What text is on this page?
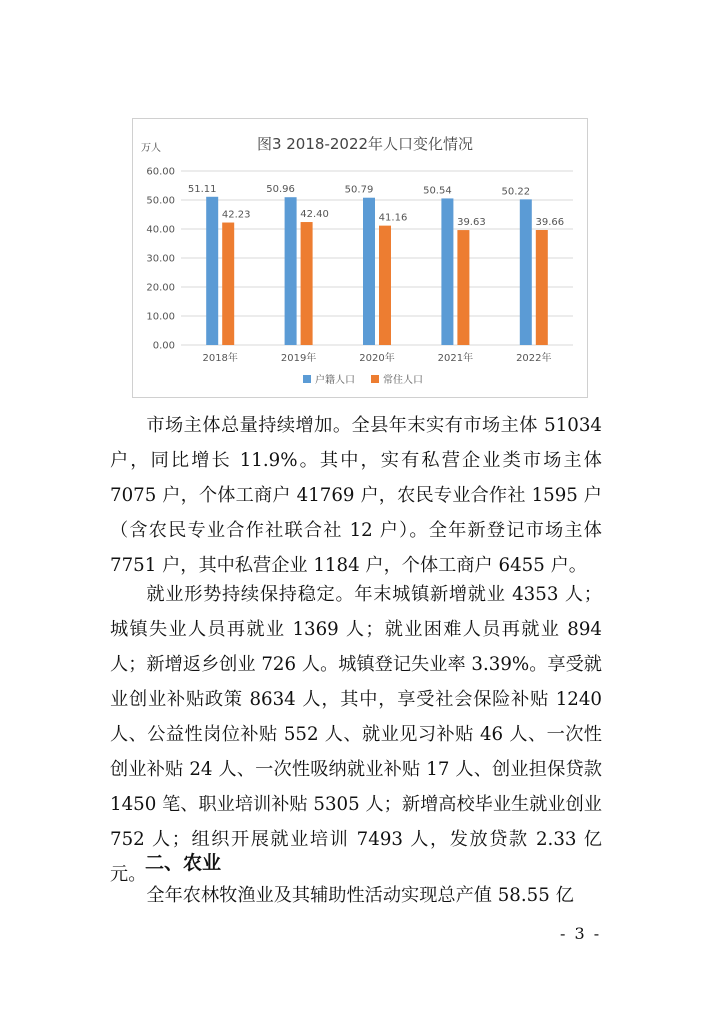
0.00
10.00
20.00
30.00
40.00
50.00
60.00
51.11
42.23
2018年
50.96
42.40
2019年
50.79
41.16
2020年
50.54
39.63
2021年
50.22
39.66
2022年
图3 2018-2022年人口变化情况
万人
户籍人口	常住人口

市场主体总量持续增加。全县年末实有市场主体 51034 户，同比增长 11.9%。其中，实有私营企业类市场主体 7075 户，个体工商户 41769 户，农民专业合作社 1595 户（含农民专业合作社联合社 12 户）。全年新登记市场主体 7751 户，其中私营企业 1184 户，个体工商户 6455 户。

就业形势持续保持稳定。年末城镇新增就业 4353 人；城镇失业人员再就业 1369 人；就业困难人员再就业 894 人；新增返乡创业 726 人。城镇登记失业率 3.39%。享受就业创业补贴政策 8634 人，其中，享受社会保险补贴 1240 人、公益性岗位补贴 552 人、就业见习补贴 46 人、一次性创业补贴 24 人、一次性吸纳就业补贴 17 人、创业担保贷款 1450 笔、职业培训补贴 5305 人；新增高校毕业生就业创业 752 人；组织开展就业培训 7493 人，发放贷款 2.33 亿元。

二、农业

全年农林牧渔业及其辅助性活动实现总产值 58.55 亿

- 3 -
